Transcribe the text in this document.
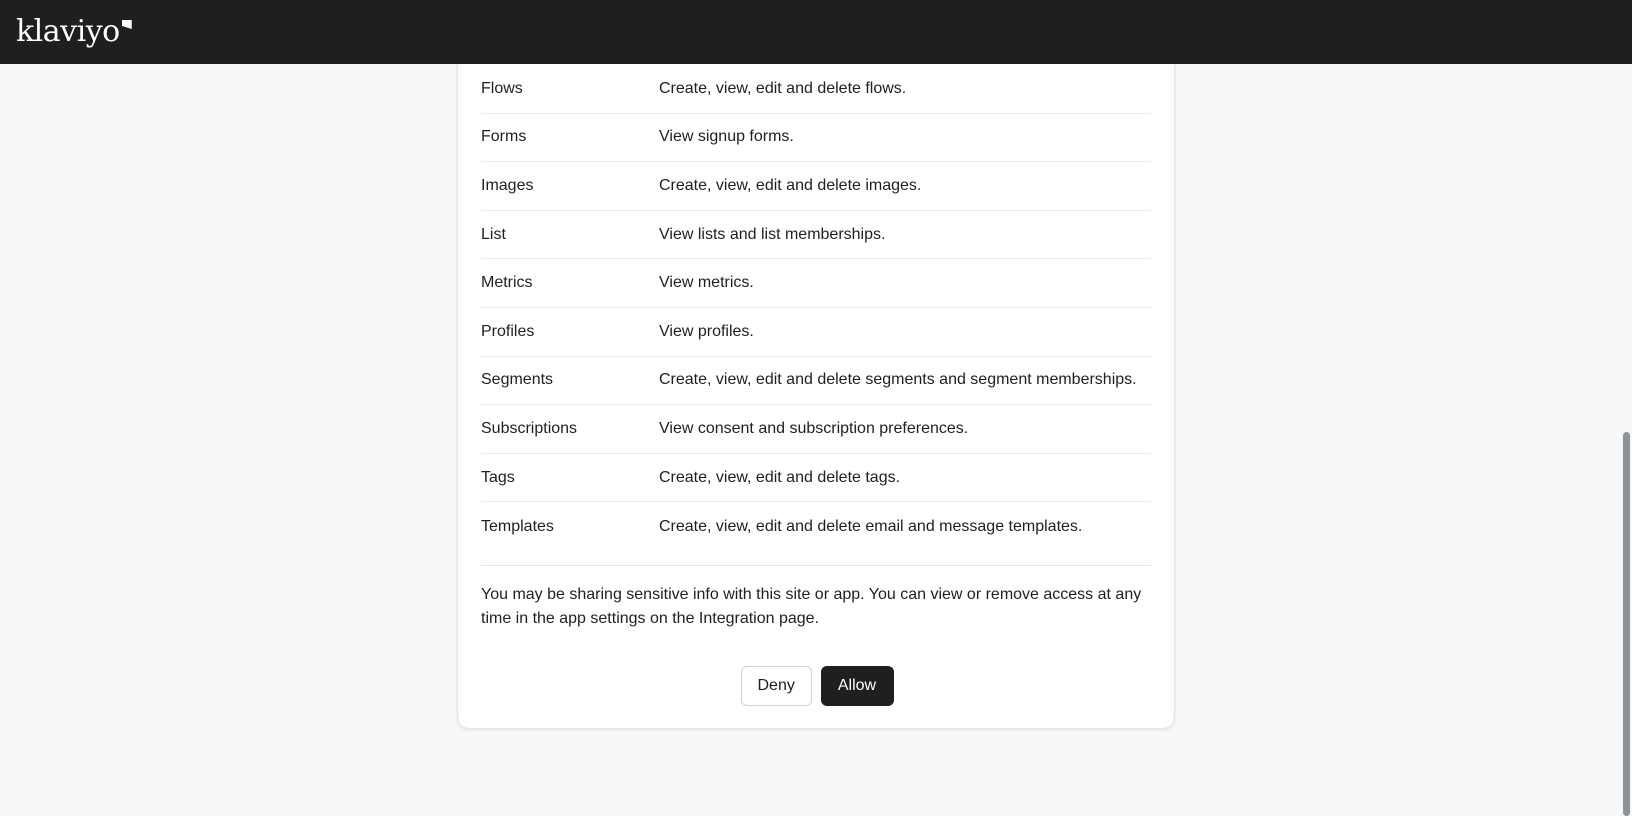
klaviyo
Flows	Create, view, edit and delete flows.
Forms	View signup forms.
Images	Create, view, edit and delete images.
List	View lists and list memberships.
Metrics	View metrics.
Profiles	View profiles.
Segments	Create, view, edit and delete segments and segment memberships.
Subscriptions	View consent and subscription preferences.
Tags	Create, view, edit and delete tags.
Templates	Create, view, edit and delete email and message templates.

You may be sharing sensitive info with this site or app. You can view or remove access at any time in the app settings on the Integration page.

Deny	Allow
